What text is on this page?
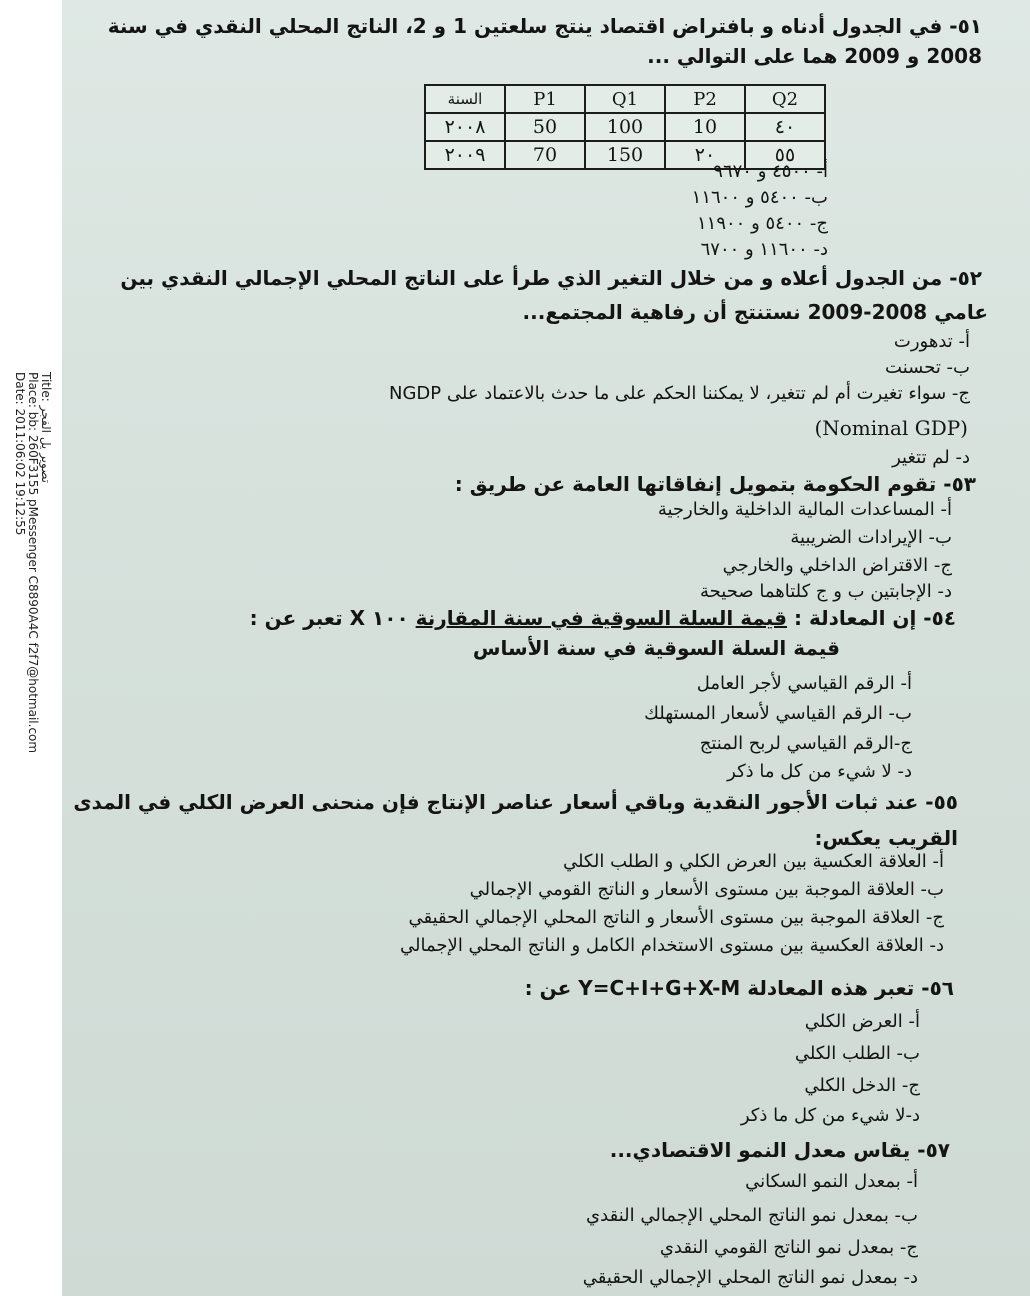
Title: تصوير يل الفجر
Place: bb: 260F3155 pMessenger C8890A4C f2f7@hotmail.com
Date: 2011:06:02 19:12:55
٥١- في الجدول أدناه و بافتراض اقتصاد ينتج سلعتين 1 و 2، الناتج المحلي النقدي في سنة
2008 و 2009 هما على التوالي ...
السنة	P1	Q1	P2	Q2
٢٠٠٨	50	100	10	٤٠
٢٠٠٩	70	150	٢٠	٥٥
أ- ٤٥٠٠ و ٩٦٧٠
ب- ٥٤٠٠ و ١١٦٠٠
ج- ٥٤٠٠ و ١١٩٠٠
د- ١١٦٠٠ و ٦٧٠٠
٥٢- من الجدول أعلاه و من خلال التغير الذي طرأ على الناتج المحلي الإجمالي النقدي بين
عامي 2008-2009 نستنتج أن رفاهية المجتمع...
أ- تدهورت
ب- تحسنت
ج- سواء تغيرت أم لم تتغير، لا يمكننا الحكم على ما حدث بالاعتماد على NGDP
(Nominal GDP)
د- لم تتغير
٥٣- تقوم الحكومة بتمويل إنفاقاتها العامة عن طريق :
أ- المساعدات المالية الداخلية والخارجية
ب- الإيرادات الضريبية
ج- الاقتراض الداخلي والخارجي
د- الإجابتين ب و ج كلتاهما صحيحة
٥٤- إن المعادلة : قيمة السلة السوقية في سنة المقارنة X ١٠٠ تعبر عن :
قيمة السلة السوقية في سنة الأساس
أ- الرقم القياسي لأجر العامل
ب- الرقم القياسي لأسعار المستهلك
ج-الرقم القياسي لربح المنتج
د- لا شيء من كل ما ذكر
٥٥- عند ثبات الأجور النقدية وباقي أسعار عناصر الإنتاج فإن منحنى العرض الكلي في المدى
القريب يعكس:
أ- العلاقة العكسية بين العرض الكلي و الطلب الكلي
ب- العلاقة الموجبة بين مستوى الأسعار و الناتج القومي الإجمالي
ج- العلاقة الموجبة بين مستوى الأسعار و الناتج المحلي الإجمالي الحقيقي
د- العلاقة العكسية بين مستوى الاستخدام الكامل و الناتج المحلي الإجمالي
٥٦- تعبر هذه المعادلة Y=C+I+G+X-M عن :
أ- العرض الكلي
ب- الطلب الكلي
ج- الدخل الكلي
د-لا شيء من كل ما ذكر
٥٧- يقاس معدل النمو الاقتصادي...
أ- بمعدل النمو السكاني
ب- بمعدل نمو الناتج المحلي الإجمالي النقدي
ج- بمعدل نمو الناتج القومي النقدي
د- بمعدل نمو الناتج المحلي الإجمالي الحقيقي
